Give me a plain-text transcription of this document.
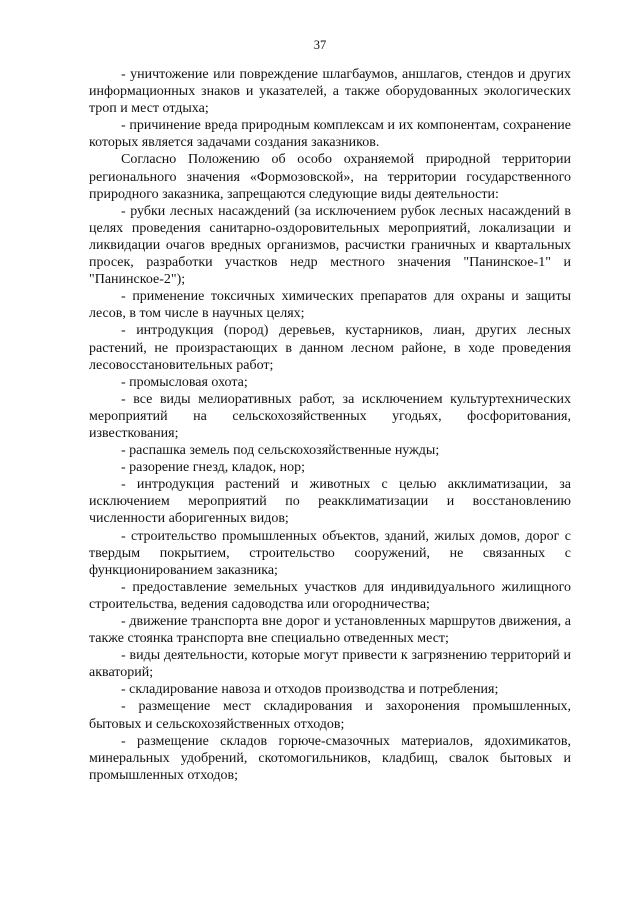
37

- уничтожение или повреждение шлагбаумов, аншлагов, стендов и других информационных знаков и указателей, а также оборудованных экологических троп и мест отдыха;

- причинение вреда природным комплексам и их компонентам, сохранение которых является задачами создания заказников.

Согласно Положению об особо охраняемой природной территории регионального значения «Формозовской», на территории государственного природного заказника, запрещаются следующие виды деятельности:

- рубки лесных насаждений (за исключением рубок лесных насаждений в целях проведения санитарно-оздоровительных мероприятий, локализации и ликвидации очагов вредных организмов, расчистки граничных и квартальных просек, разработки участков недр местного значения "Панинское-1" и "Панинское-2");

- применение токсичных химических препаратов для охраны и защиты лесов, в том числе в научных целях;

- интродукция (пород) деревьев, кустарников, лиан, других лесных растений, не произрастающих в данном лесном районе, в ходе проведения лесовосстановительных работ;

- промысловая охота;

- все виды мелиоративных работ, за исключением культуртехнических мероприятий на сельскохозяйственных угодьях, фосфоритования, известкования;

- распашка земель под сельскохозяйственные нужды;

- разорение гнезд, кладок, нор;

- интродукция растений и животных с целью акклиматизации, за исключением мероприятий по реакклиматизации и восстановлению численности аборигенных видов;

- строительство промышленных объектов, зданий, жилых домов, дорог с твердым покрытием, строительство сооружений, не связанных с функционированием заказника;

- предоставление земельных участков для индивидуального жилищного строительства, ведения садоводства или огородничества;

- движение транспорта вне дорог и установленных маршрутов движения, а также стоянка транспорта вне специально отведенных мест;

- виды деятельности, которые могут привести к загрязнению территорий и акваторий;

- складирование навоза и отходов производства и потребления;

- размещение мест складирования и захоронения промышленных, бытовых и сельскохозяйственных отходов;

- размещение складов горюче-смазочных материалов, ядохимикатов, минеральных удобрений, скотомогильников, кладбищ, свалок бытовых и промышленных отходов;
